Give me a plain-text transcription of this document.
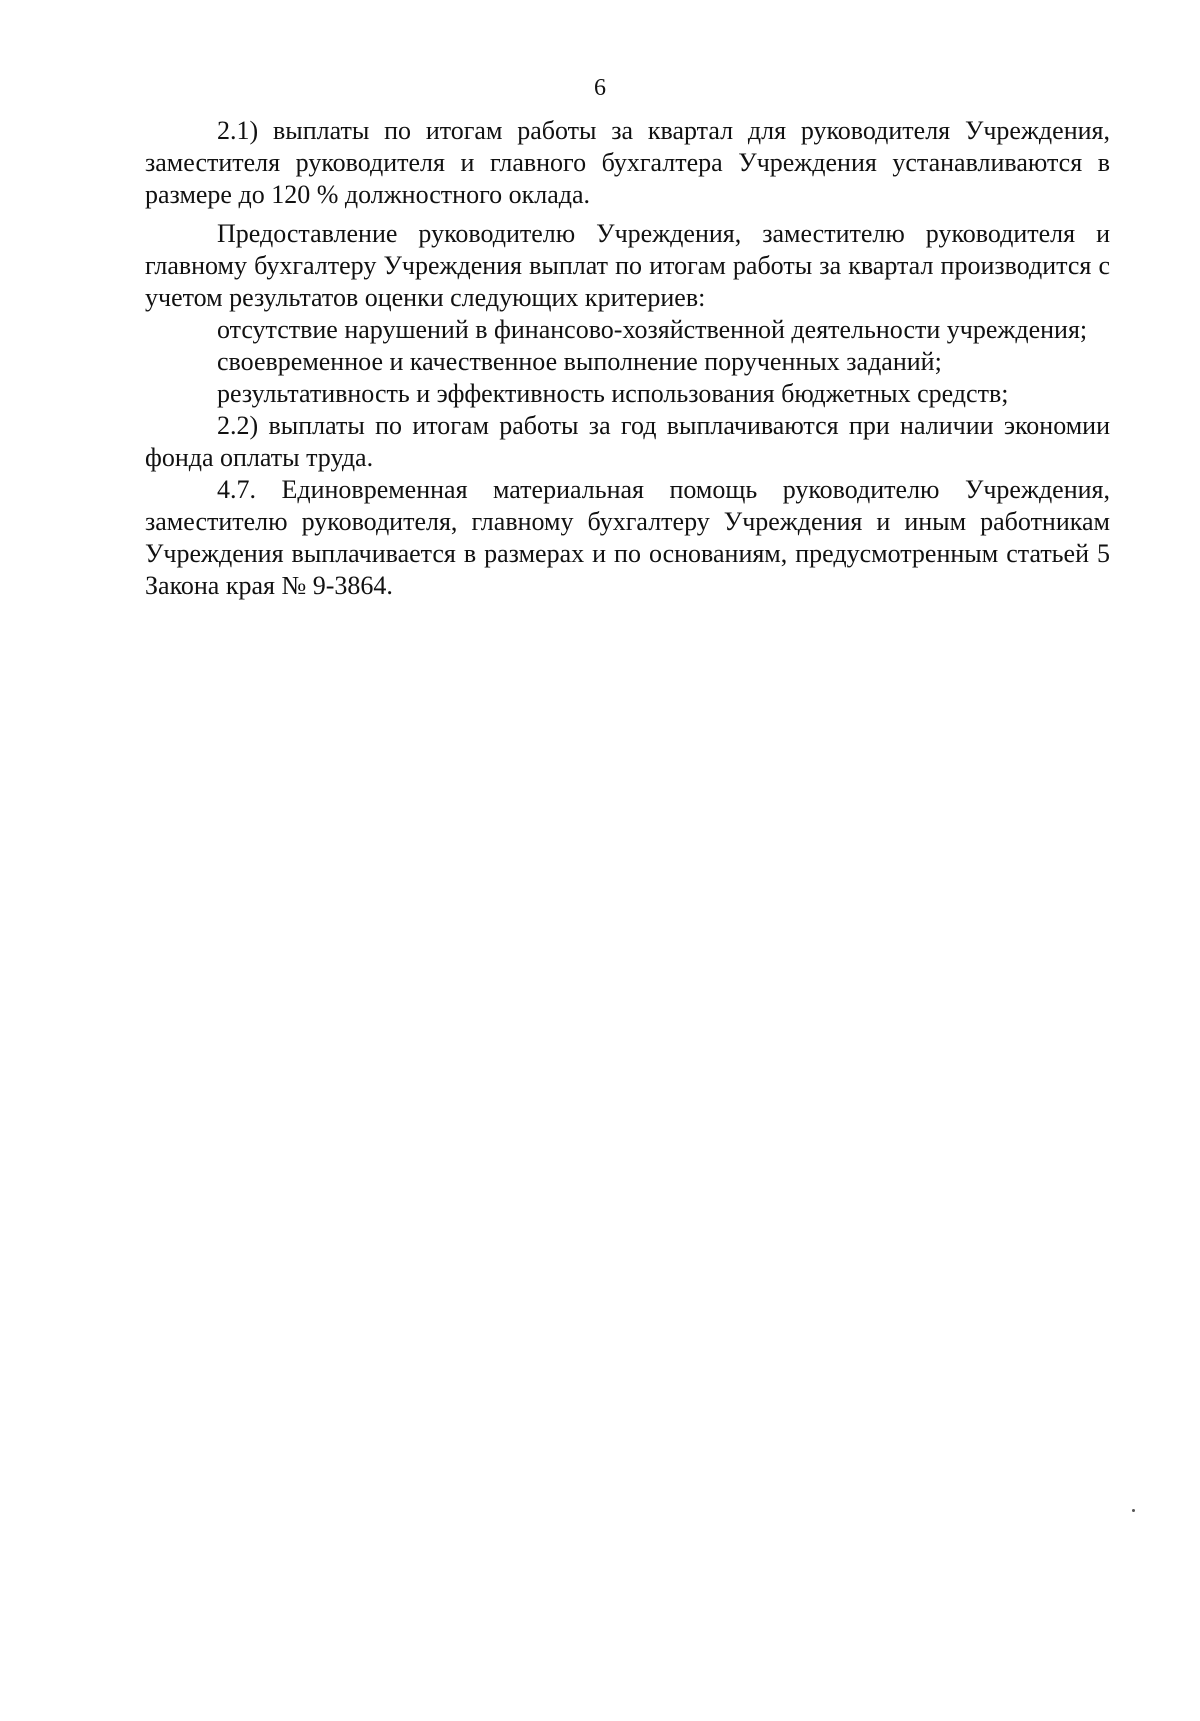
6

2.1) выплаты по итогам работы за квартал для руководителя Учреждения, заместителя руководителя и главного бухгалтера Учреждения устанавливаются в размере до 120 % должностного оклада.

Предоставление руководителю Учреждения, заместителю руководителя и главному бухгалтеру Учреждения выплат по итогам работы за квартал производится с учетом результатов оценки следующих критериев:

отсутствие нарушений в финансово-хозяйственной деятельности учреждения;

своевременное и качественное выполнение порученных заданий;

результативность и эффективность использования бюджетных средств;

2.2) выплаты по итогам работы за год выплачиваются при наличии экономии фонда оплаты труда.

4.7. Единовременная материальная помощь руководителю Учреждения, заместителю руководителя, главному бухгалтеру Учреждения и иным работникам Учреждения выплачивается в размерах и по основаниям, предусмотренным статьей 5 Закона края № 9-3864.
